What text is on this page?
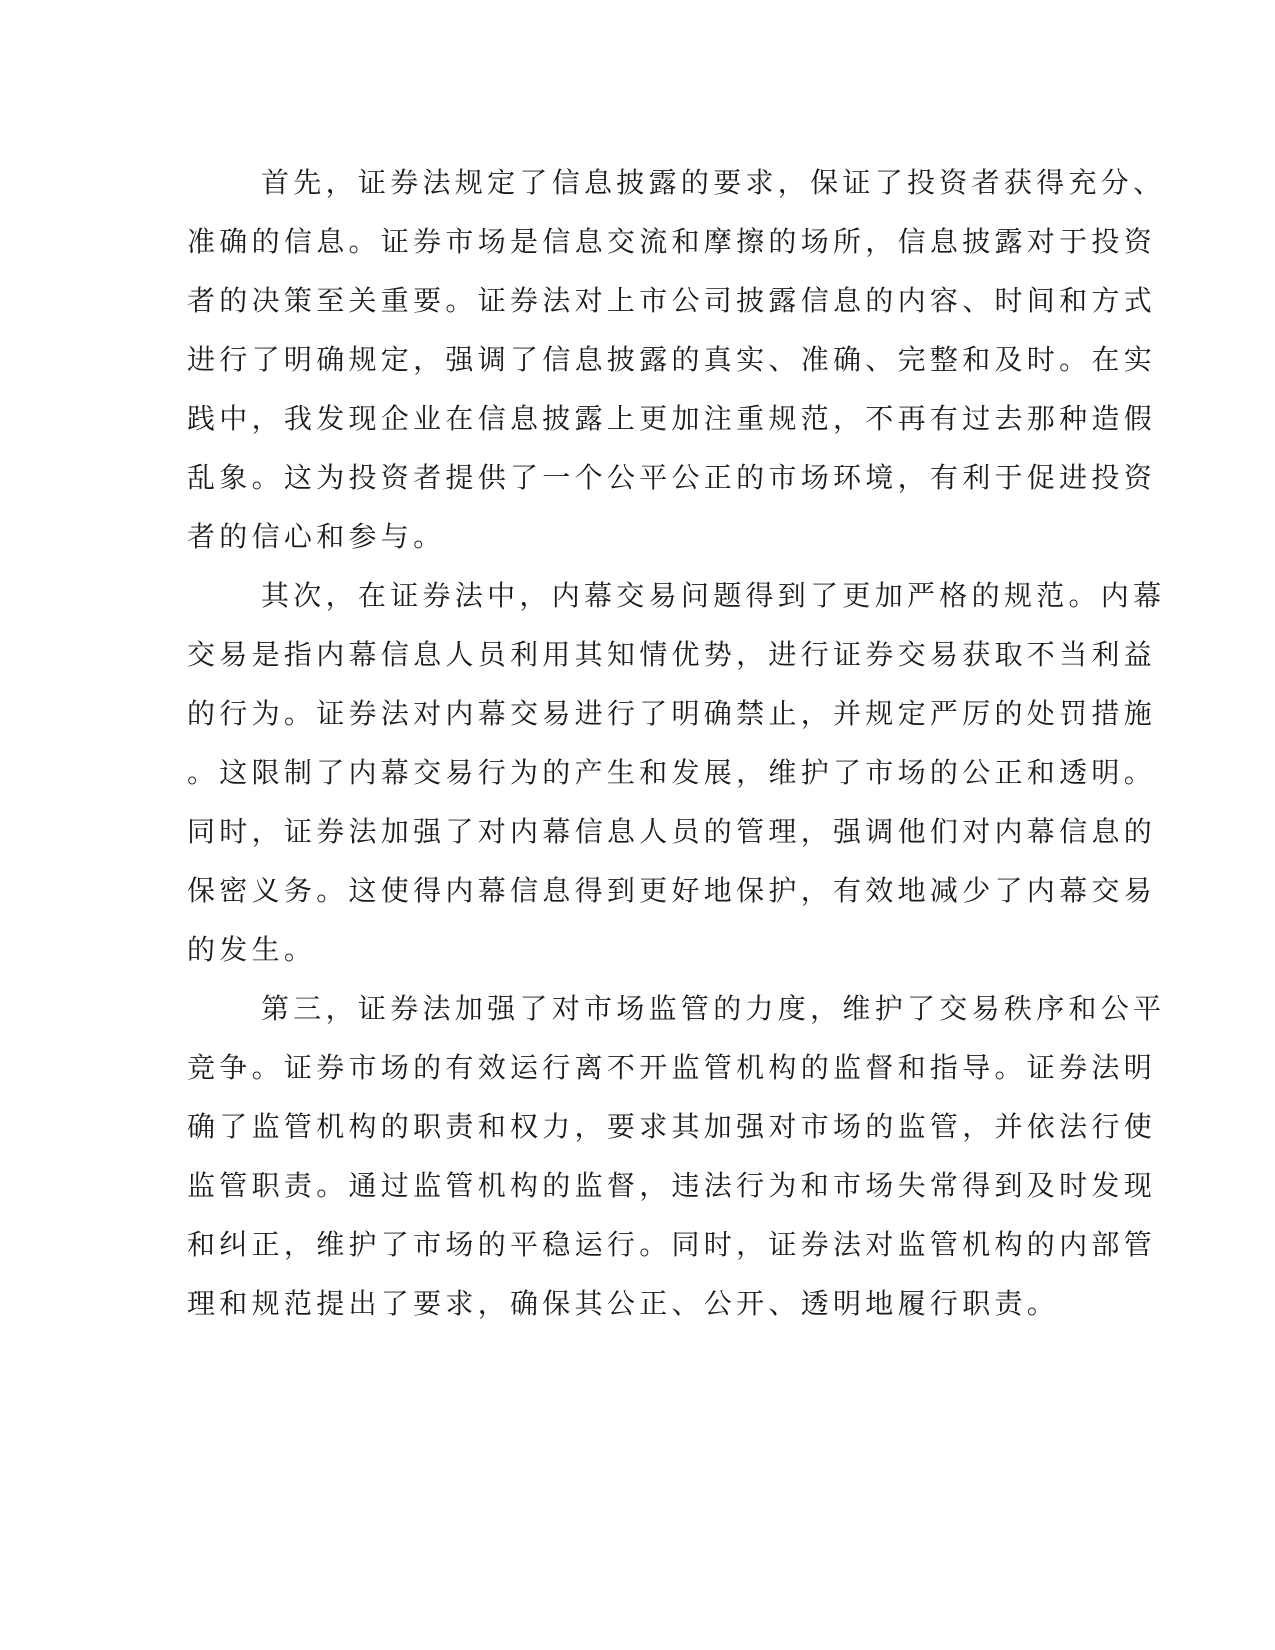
首先，证券法规定了信息披露的要求，保证了投资者获得充分、
准确的信息。证券市场是信息交流和摩擦的场所，信息披露对于投资
者的决策至关重要。证券法对上市公司披露信息的内容、时间和方式
进行了明确规定，强调了信息披露的真实、准确、完整和及时。在实
践中，我发现企业在信息披露上更加注重规范，不再有过去那种造假
乱象。这为投资者提供了一个公平公正的市场环境，有利于促进投资
者的信心和参与。
其次，在证券法中，内幕交易问题得到了更加严格的规范。内幕
交易是指内幕信息人员利用其知情优势，进行证券交易获取不当利益
的行为。证券法对内幕交易进行了明确禁止，并规定严厉的处罚措施
。这限制了内幕交易行为的产生和发展，维护了市场的公正和透明。
同时，证券法加强了对内幕信息人员的管理，强调他们对内幕信息的
保密义务。这使得内幕信息得到更好地保护，有效地减少了内幕交易
的发生。
第三，证券法加强了对市场监管的力度，维护了交易秩序和公平
竞争。证券市场的有效运行离不开监管机构的监督和指导。证券法明
确了监管机构的职责和权力，要求其加强对市场的监管，并依法行使
监管职责。通过监管机构的监督，违法行为和市场失常得到及时发现
和纠正，维护了市场的平稳运行。同时，证券法对监管机构的内部管
理和规范提出了要求，确保其公正、公开、透明地履行职责。
